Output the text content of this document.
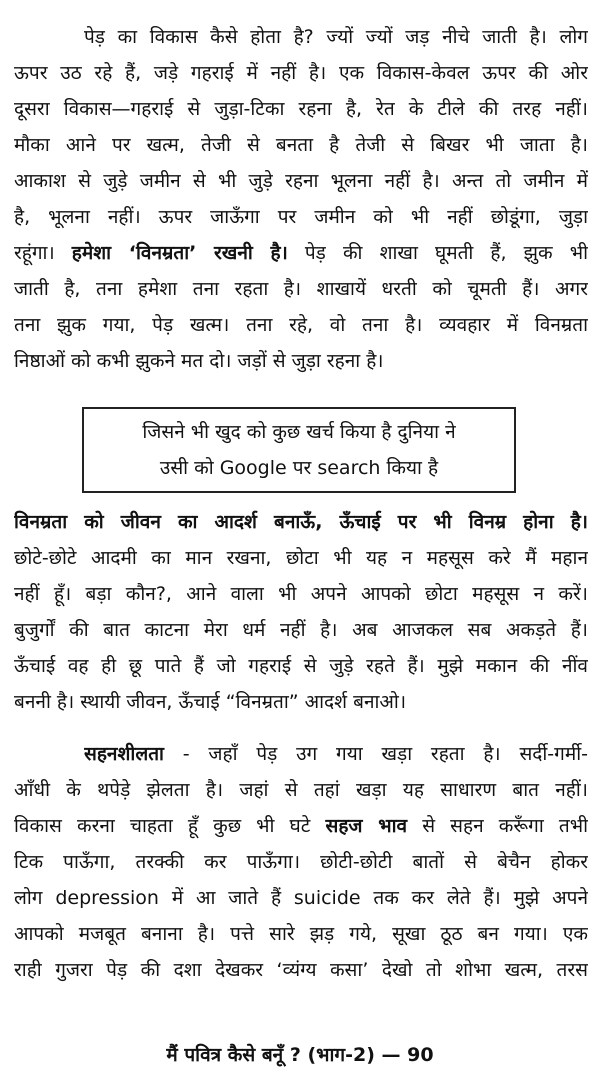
पेड़ का विकास कैसे होता है? ज्यों ज्यों जड़ नीचे जाती है। लोग
ऊपर उठ रहे हैं, जड़े गहराई में नहीं है। एक विकास-केवल ऊपर की ओर
दूसरा विकास—गहराई से जुड़ा-टिका रहना है, रेत के टीले की तरह नहीं।
मौका आने पर खत्म, तेजी से बनता है तेजी से बिखर भी जाता है।
आकाश से जुड़े जमीन से भी जुड़े रहना भूलना नहीं है। अन्त तो जमीन में
है, भूलना नहीं। ऊपर जाऊँगा पर जमीन को भी नहीं छोडूंगा, जुड़ा
रहूंगा। हमेशा ‘विनम्रता’ रखनी है। पेड़ की शाखा घूमती हैं, झुक भी
जाती है, तना हमेशा तना रहता है। शाखायें धरती को चूमती हैं। अगर
तना झुक गया, पेड़ खत्म। तना रहे, वो तना है। व्यवहार में विनम्रता
निष्ठाओं को कभी झुकने मत दो। जड़ों से जुड़ा रहना है।
जिसने भी खुद को कुछ खर्च किया है दुनिया ने
उसी को Google पर search किया है
विनम्रता को जीवन का आदर्श बनाऊँ, ऊँचाई पर भी विनम्र होना है।
छोटे-छोटे आदमी का मान रखना, छोटा भी यह न महसूस करे मैं महान
नहीं हूँ। बड़ा कौन?, आने वाला भी अपने आपको छोटा महसूस न करें।
बुजुर्गों की बात काटना मेरा धर्म नहीं है। अब आजकल सब अकड़ते हैं।
ऊँचाई वह ही छू पाते हैं जो गहराई से जुड़े रहते हैं। मुझे मकान की नींव
बननी है। स्थायी जीवन, ऊँचाई “विनम्रता” आदर्श बनाओ।
सहनशीलता - जहाँ पेड़ उग गया खड़ा रहता है। सर्दी-गर्मी-
आँधी के थपेड़े झेलता है। जहां से तहां खड़ा यह साधारण बात नहीं।
विकास करना चाहता हूँ कुछ भी घटे सहज भाव से सहन करूँगा तभी
टिक पाऊँगा, तरक्की कर पाऊँगा। छोटी-छोटी बातों से बेचैन होकर
लोग depression में आ जाते हैं suicide तक कर लेते हैं। मुझे अपने
आपको मजबूत बनाना है। पत्ते सारे झड़ गये, सूखा ठूठ बन गया। एक
राही गुजरा पेड़ की दशा देखकर ‘व्यंग्य कसा’ देखो तो शोभा खत्म, तरस
मैं पवित्र कैसे बनूँ ? (भाग-2) — 90
